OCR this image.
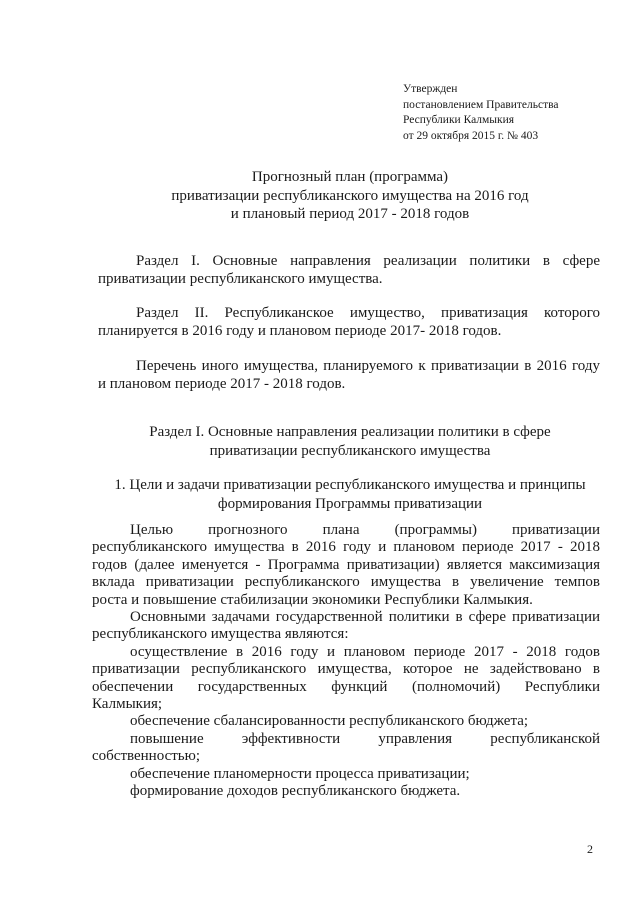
Утвержден
постановлением Правительства
Республики Калмыкия
от 29 октября 2015 г. № 403
Прогнозный план (программа)
приватизации республиканского имущества на 2016 год
и плановый период 2017 - 2018 годов
Раздел I. Основные направления реализации политики в сфере
приватизации республиканского имущества.
Раздел II. Республиканское имущество, приватизация которого
планируется в 2016 году и плановом периоде 2017- 2018 годов.
Перечень иного имущества, планируемого к приватизации в 2016 году
и плановом периоде 2017 - 2018 годов.
Раздел I. Основные направления реализации политики в сфере
приватизации республиканского имущества
1. Цели и задачи приватизации республиканского имущества и принципы
формирования Программы приватизации
Целью прогнозного плана (программы) приватизации
республиканского имущества в 2016 году и плановом периоде 2017 - 2018
годов (далее именуется - Программа приватизации) является максимизация
вклада приватизации республиканского имущества в увеличение темпов
роста и повышение стабилизации экономики Республики Калмыкия.
Основными задачами государственной политики в сфере приватизации
республиканского имущества являются:
осуществление в 2016 году и плановом периоде 2017 - 2018 годов
приватизации республиканского имущества, которое не задействовано в
обеспечении государственных функций (полномочий) Республики
Калмыкия;
обеспечение сбалансированности республиканского бюджета;
повышение эффективности управления республиканской
собственностью;
обеспечение планомерности процесса приватизации;
формирование доходов республиканского бюджета.
2
